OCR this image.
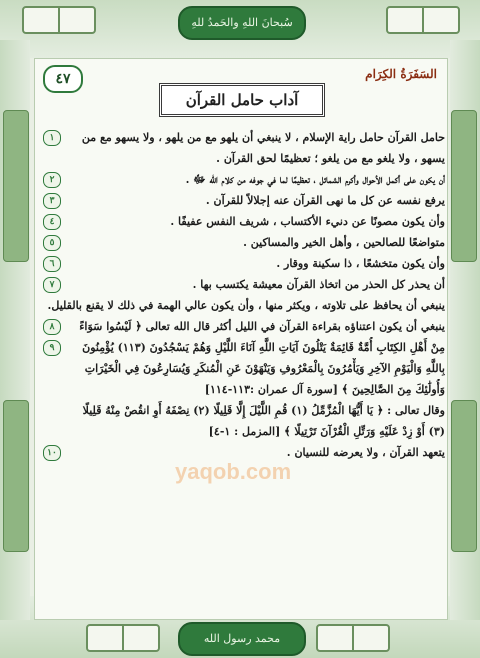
سُبحانَ اللهِ والحَمدُ للهِ
محمد رسول الله
٤٧	السَفَرَةُ الكِرَام
آداب حامل القرآن
١	حامل القرآن حامل راية الإسلام ، لا ينبغي أن يلهو مع من يلهو ، ولا يسهو مع من
يسهو ، ولا يلغو مع من يلغو ؛ تعظيمًا لحق القرآن .
٢	أن يكون على أكمل الأحوال وأكرم الشمائل ، تعظيمًا لما في جوفه من كلام الله ﷻ .
٣	يرفع نفسه عن كل ما نهى القرآن عنه إجلالاً للقرآن .
٤	وأن يكون مصونًا عن دنيء الأكتساب ، شريف النفس عفيفًا .
٥	متواضعًا للصالحين ، وأهل الخير والمساكين .
٦	وأن يكون متخشعًا ، ذا سكينة ووقار .
٧	أن يحذر كل الحذر من اتخاذ القرآن معيشة يكتسب بها .
ينبغي أن يحافظ على تلاوته ، ويكثر منها ، وأن يكون عالي الهمة في ذلك لا يقنع بالقليل.
٨	ينبغي أن يكون اعتناؤه بقراءة القرآن في الليل أكثر قال الله تعالى ﴿ لَيْسُوا سَوَاءً
٩	مِنْ أَهْلِ الكِتَابِ أُمَّةٌ قَائِمَةٌ يَتْلُونَ آيَاتِ اللَّهِ آنَاءَ اللَّيْلِ وَهُمْ يَسْجُدُونَ (١١٣) يُؤْمِنُونَ
بِاللَّهِ وَالْيَوْمِ الآخِرِ وَيَأْمُرُونَ بِالْمَعْرُوفِ وَيَنْهَوْنَ عَنِ الْمُنكَرِ وَيُسَارِعُونَ فِي الْخَيْرَاتِ
وَأُولَٰئِكَ مِنَ الصَّالِحِينَ ﴾ [سورة آل عمران :١١٣-١١٤]
وقال تعالى : ﴿ يَا أَيُّهَا الْمُزَّمِّلُ (١) قُمِ اللَّيْلَ إِلَّا قَلِيلًا (٢) نِصْفَهُ أَوِ انقُصْ مِنْهُ قَلِيلًا
(٣) أَوْ زِدْ عَلَيْهِ وَرَتِّلِ الْقُرْآنَ تَرْتِيلًا ﴾ [المزمل : ١-٤]
١٠	يتعهد القرآن ، ولا يعرضه للنسيان .
yaqob.com
